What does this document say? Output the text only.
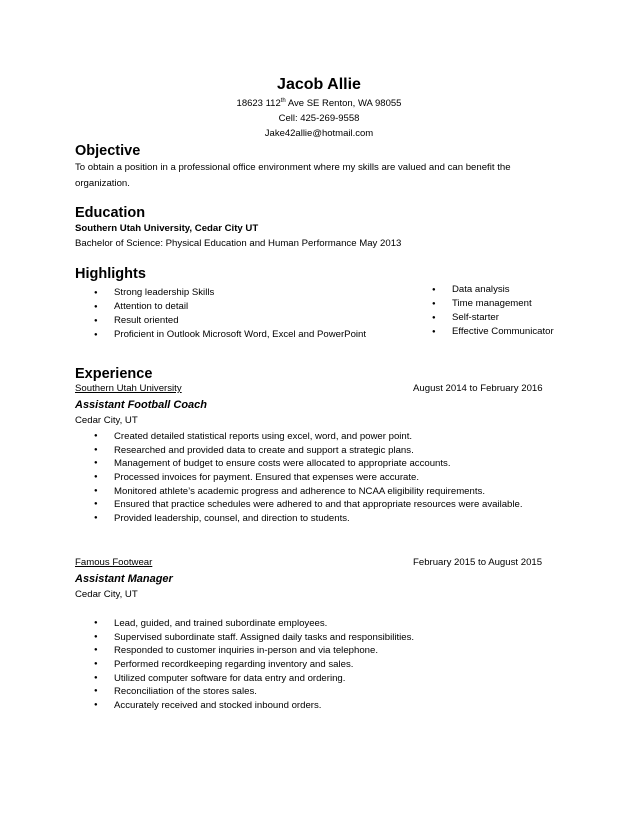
Jacob Allie
18623 112th Ave SE Renton, WA 98055
Cell: 425-269-9558
Jake42allie@hotmail.com
Objective
To obtain a position in a professional office environment where my skills are valued and can benefit the
organization.
Education
Southern Utah University, Cedar City UT
Bachelor of Science: Physical Education and Human Performance May 2013
Highlights
● Strong leadership Skills
● Attention to detail
● Result oriented
● Proficient in Outlook Microsoft Word, Excel and PowerPoint
● Data analysis
● Time management
● Self-starter
● Effective Communicator
Experience
Southern Utah University	August 2014 to February 2016
Assistant Football Coach
Cedar City, UT
● Created detailed statistical reports using excel, word, and power point.
● Researched and provided data to create and support a strategic plans.
● Management of budget to ensure costs were allocated to appropriate accounts.
● Processed invoices for payment. Ensured that expenses were accurate.
● Monitored athlete’s academic progress and adherence to NCAA eligibility requirements.
● Ensured that practice schedules were adhered to and that appropriate resources were available.
● Provided leadership, counsel, and direction to students.
Famous Footwear	February 2015 to August 2015
Assistant Manager
Cedar City, UT
● Lead, guided, and trained subordinate employees.
● Supervised subordinate staff. Assigned daily tasks and responsibilities.
● Responded to customer inquiries in-person and via telephone.
● Performed recordkeeping regarding inventory and sales.
● Utilized computer software for data entry and ordering.
● Reconciliation of the stores sales.
● Accurately received and stocked inbound orders.
